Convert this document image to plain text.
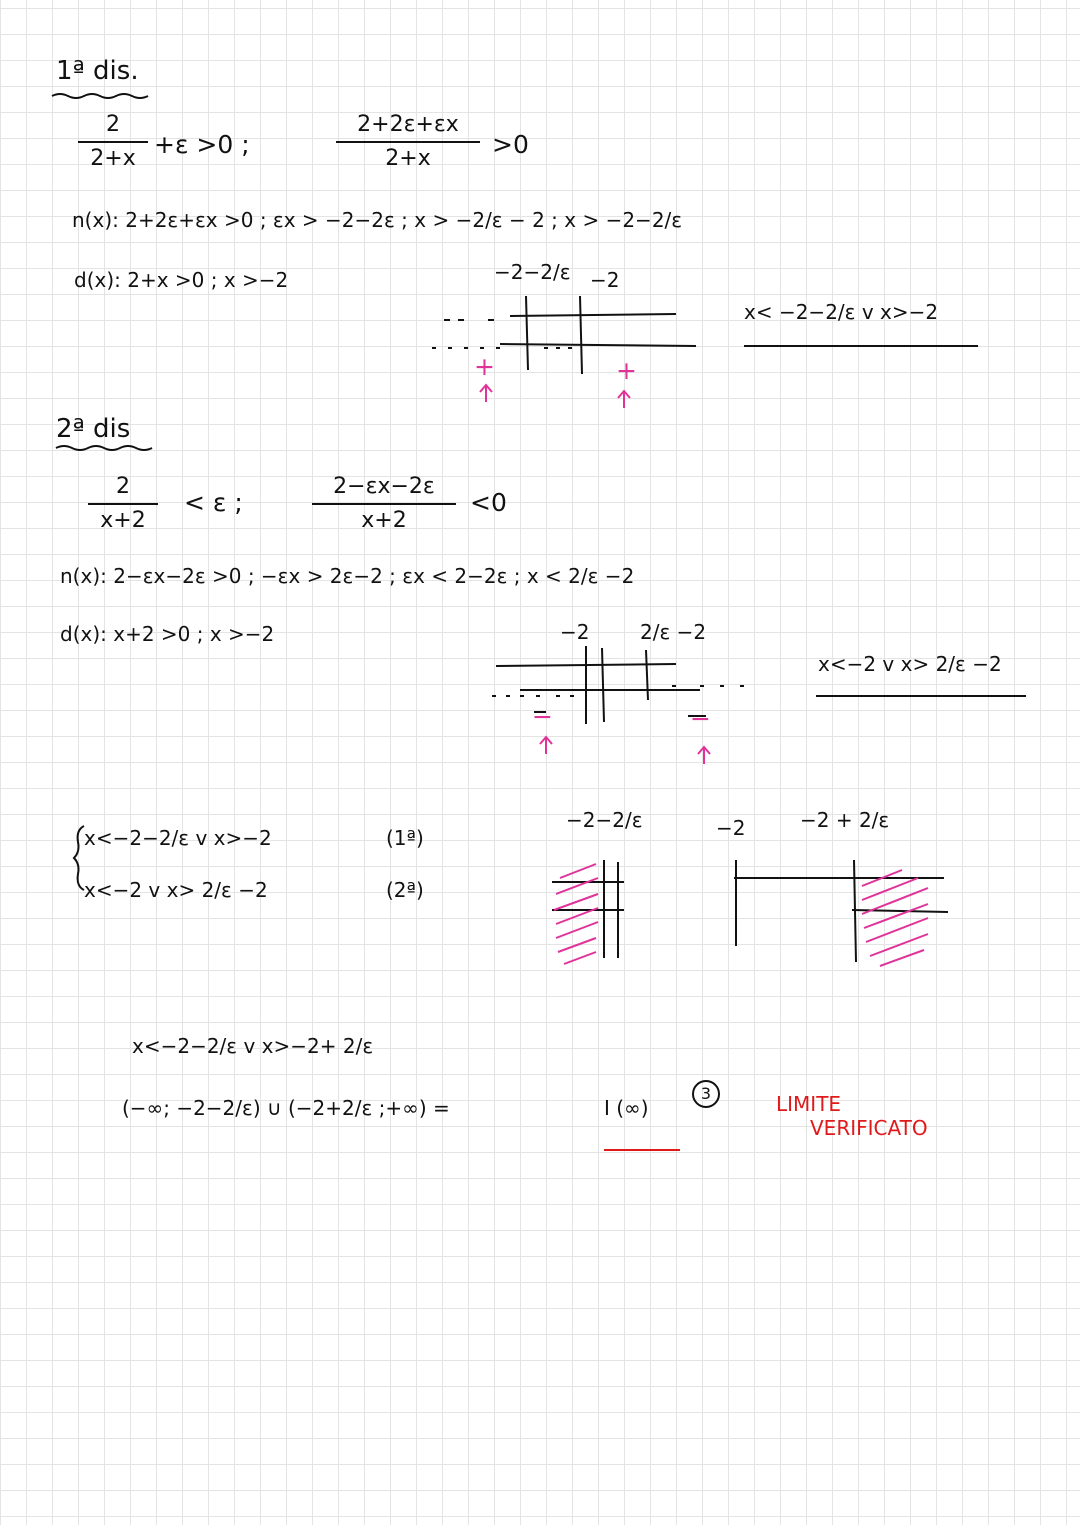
1ª dis.
$\frac{2}{2+x} +\varepsilon >0$ ;	$\frac{2+2\varepsilon+\varepsilon x}{2+x} >0$
n(x): 2+2ε+εx >0 ; εx > −2−2ε ; x > −2/ε − 2 ; x > −2−2/ε
d(x): 2+x >0 ; x >−2	−2−2/ε −2
x< −2−2/ε v x>−2
+	+
2ª dis
$\frac{2}{x+2} < \varepsilon$ ;	$\frac{2-\varepsilon x-2\varepsilon}{x+2} <0$
n(x): 2−εx−2ε >0 ; −εx > 2ε−2 ; εx < 2−2ε ; x < 2/ε −2
d(x): x+2 >0 ; x >−2	−2	2/ε −2
x<−2 v x> 2/ε −2
−	−
x<−2−2/ε v x>−2	(1ª)
x<−2 v x> 2/ε −2	(2ª)
−2−2/ε	−2	−2 + 2/ε
x<−2−2/ε v x>−2+ 2/ε
(−∞; −2−2/ε) ∪ (−2+2/ε ;+∞) =	I (∞)
3	LIMITE
VERIFICATO
